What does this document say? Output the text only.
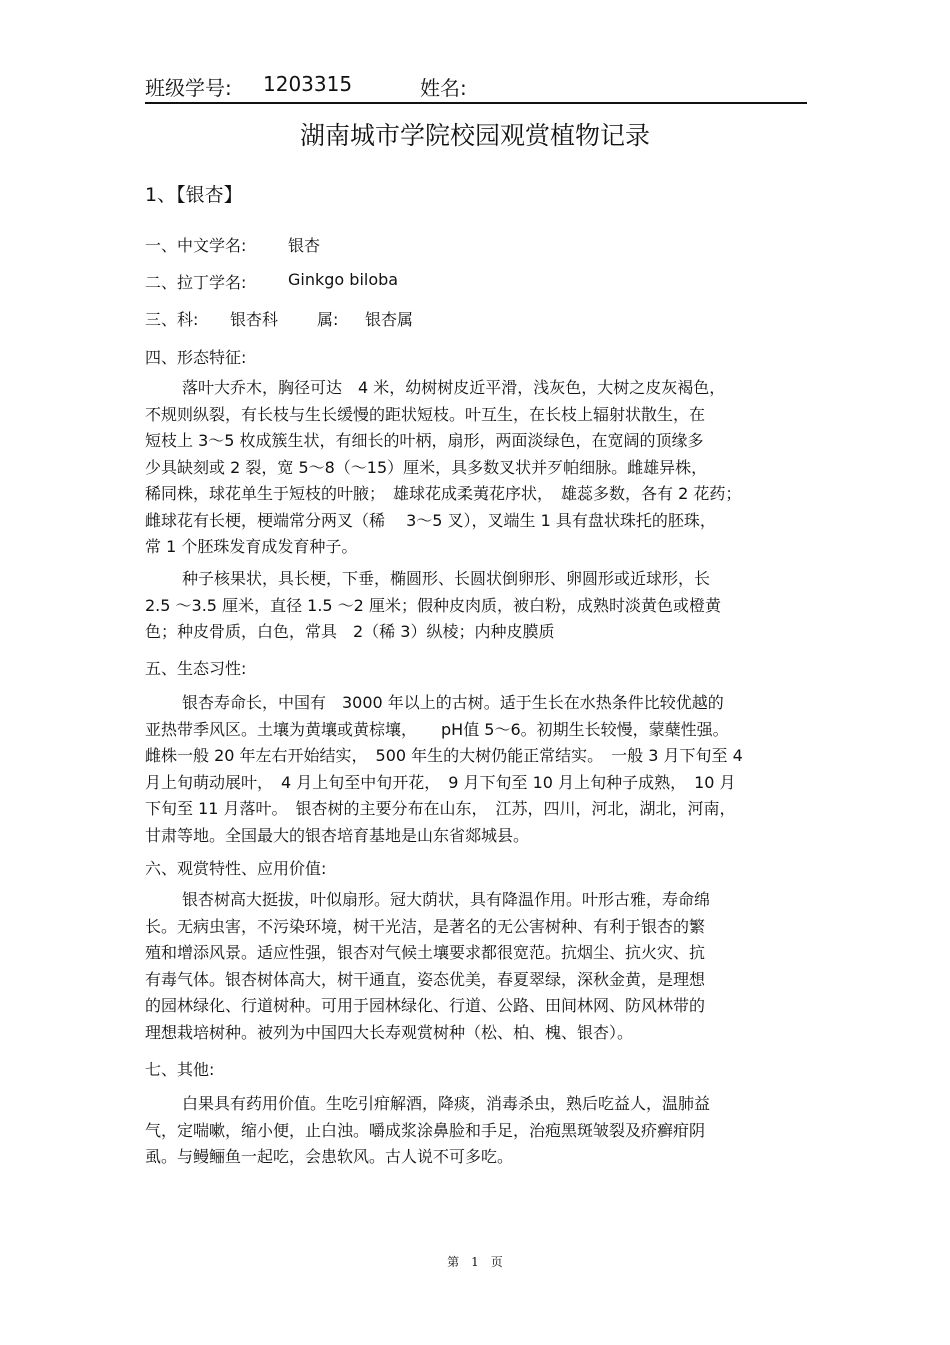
班级学号: 1203315	姓名:
湖南城市学院校园观赏植物记录
1、【银杏】
一、中文学名:	银杏
二、拉丁学名:	Ginkgo biloba
三、科: 银杏科 属: 银杏属
四、形态特征:
落叶大乔木，胸径可达　4 米，幼树树皮近平滑，浅灰色，大树之皮灰褐色，
不规则纵裂，有长枝与生长缓慢的距状短枝。叶互生，在长枝上辐射状散生，在
短枝上 3～5 枚成簇生状，有细长的叶柄，扇形，两面淡绿色，在宽阔的顶缘多
少具缺刻或 2 裂，宽 5～8（～15）厘米，具多数叉状并歹帕细脉。雌雄异株，
稀同株，球花单生于短枝的叶腋；　雄球花成柔荑花序状，　雄蕊多数，各有 2 花药；
雌球花有长梗，梗端常分两叉（稀　 3～5 叉），叉端生 1 具有盘状珠托的胚珠，
常 1 个胚珠发育成发育种子。
种子核果状，具长梗，下垂，椭圆形、长圆状倒卵形、卵圆形或近球形，长
2.5 ～3.5 厘米，直径 1.5 ～2 厘米；假种皮肉质，被白粉，成熟时淡黄色或橙黄
色；种皮骨质，白色，常具　2（稀 3）纵棱；内种皮膜质
五、生态习性:
银杏寿命长，中国有　3000 年以上的古树。适于生长在水热条件比较优越的
亚热带季风区。土壤为黄壤或黄棕壤，　　pH值 5～6。初期生长较慢，蒙蘖性强。
雌株一般 20 年左右开始结实，　500 年生的大树仍能正常结实。　一般 3 月下旬至 4
月上旬萌动展叶，　4 月上旬至中旬开花，　9 月下旬至 10 月上旬种子成熟，　10 月
下旬至 11 月落叶。　银杏树的主要分布在山东，　江苏，四川，河北，湖北，河南，
甘肃等地。全国最大的银杏培育基地是山东省郯城县。
六、观赏特性、应用价值:
银杏树高大挺拔，叶似扇形。冠大荫状，具有降温作用。叶形古雅，寿命绵
长。无病虫害，不污染环境，树干光洁，是著名的无公害树种、有利于银杏的繁
殖和增添风景。适应性强，银杏对气候土壤要求都很宽范。抗烟尘、抗火灾、抗
有毒气体。银杏树体高大，树干通直，姿态优美，春夏翠绿，深秋金黄，是理想
的园林绿化、行道树种。可用于园林绿化、行道、公路、田间林网、防风林带的
理想栽培树种。被列为中国四大长寿观赏树种（松、柏、槐、银杏）。
七、其他:
白果具有药用价值。生吃引疳解酒，降痰，消毒杀虫，熟后吃益人，温肺益
气，定喘嗽，缩小便，止白浊。嚼成浆涂鼻脸和手足，治疱黑斑皱裂及疥癣疳阴
虱。与鳗鲡鱼一起吃，会患软风。古人说不可多吃。
第　1　页
